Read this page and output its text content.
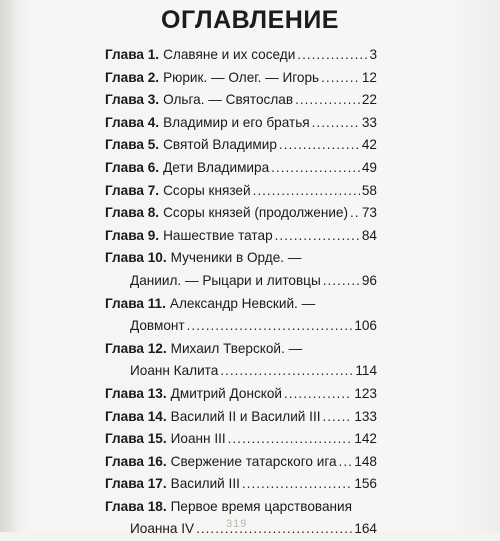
ОГЛАВЛЕНИЕ
Глава 1. Славяне и их соседи .....	3
Глава 2. Рюрик. — Олег. — Игорь .....	12
Глава 3. Ольга. — Святослав .....	22
Глава 4. Владимир и его братья .....	33
Глава 5. Святой Владимир .....	42
Глава 6. Дети Владимира .....	49
Глава 7. Ссоры князей .....	58
Глава 8. Ссоры князей (продолжение) ..... 73
Глава 9. Нашествие татар .....	84
Глава 10. Мученики в Орде. —
Даниил. — Рыцари и литовцы .....	96
Глава 11. Александр Невский. —
Довмонт .....	106
Глава 12. Михаил Тверской. —
Иоанн Калита .....	114
Глава 13. Дмитрий Донской .....	123
Глава 14. Василий II и Василий III ..... 133
Глава 15. Иоанн III .....	142
Глава 16. Свержение татарского ига ..... 148
Глава 17. Василий III .....	156
Глава 18. Первое время царствования
Иоанна IV .....	164
319
